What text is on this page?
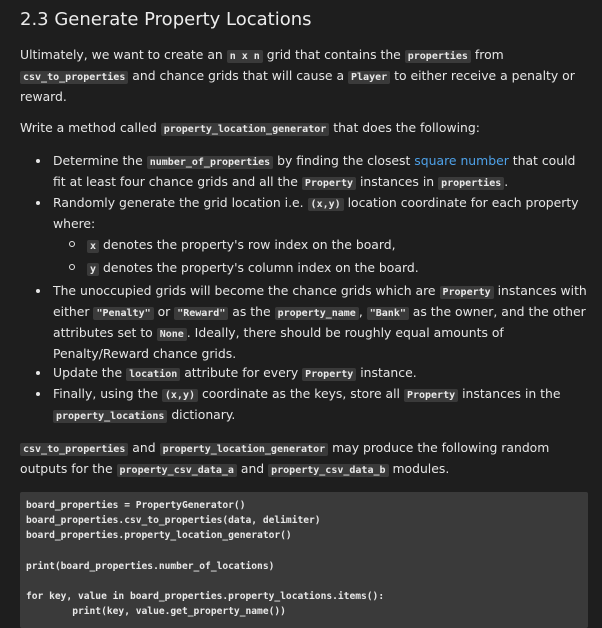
2.3 Generate Property Locations

Ultimately, we want to create an n x n grid that contains the properties from csv_to_properties and chance grids that will cause a Player to either receive a penalty or reward.

Write a method called property_location_generator that does the following:

Determine the number_of_properties by finding the closest square number that could fit at least four chance grids and all the Property instances in properties .
Randomly generate the grid location i.e. (x,y) location coordinate for each property where:
x denotes the property's row index on the board,
y denotes the property's column index on the board.
The unoccupied grids will become the chance grids which are Property instances with either "Penalty" or "Reward" as the property_name , "Bank" as the owner, and the other attributes set to None . Ideally, there should be roughly equal amounts of Penalty/Reward chance grids.
Update the location attribute for every Property instance.
Finally, using the (x,y) coordinate as the keys, store all Property instances in the property_locations dictionary.

csv_to_properties and property_location_generator may produce the following random outputs for the property_csv_data_a and property_csv_data_b modules.

board_properties = PropertyGenerator()
board_properties.csv_to_properties(data, delimiter)
board_properties.property_location_generator()
print(board_properties.number_of_locations)
for key, value in board_properties.property_locations.items():
print(key, value.get_property_name())
